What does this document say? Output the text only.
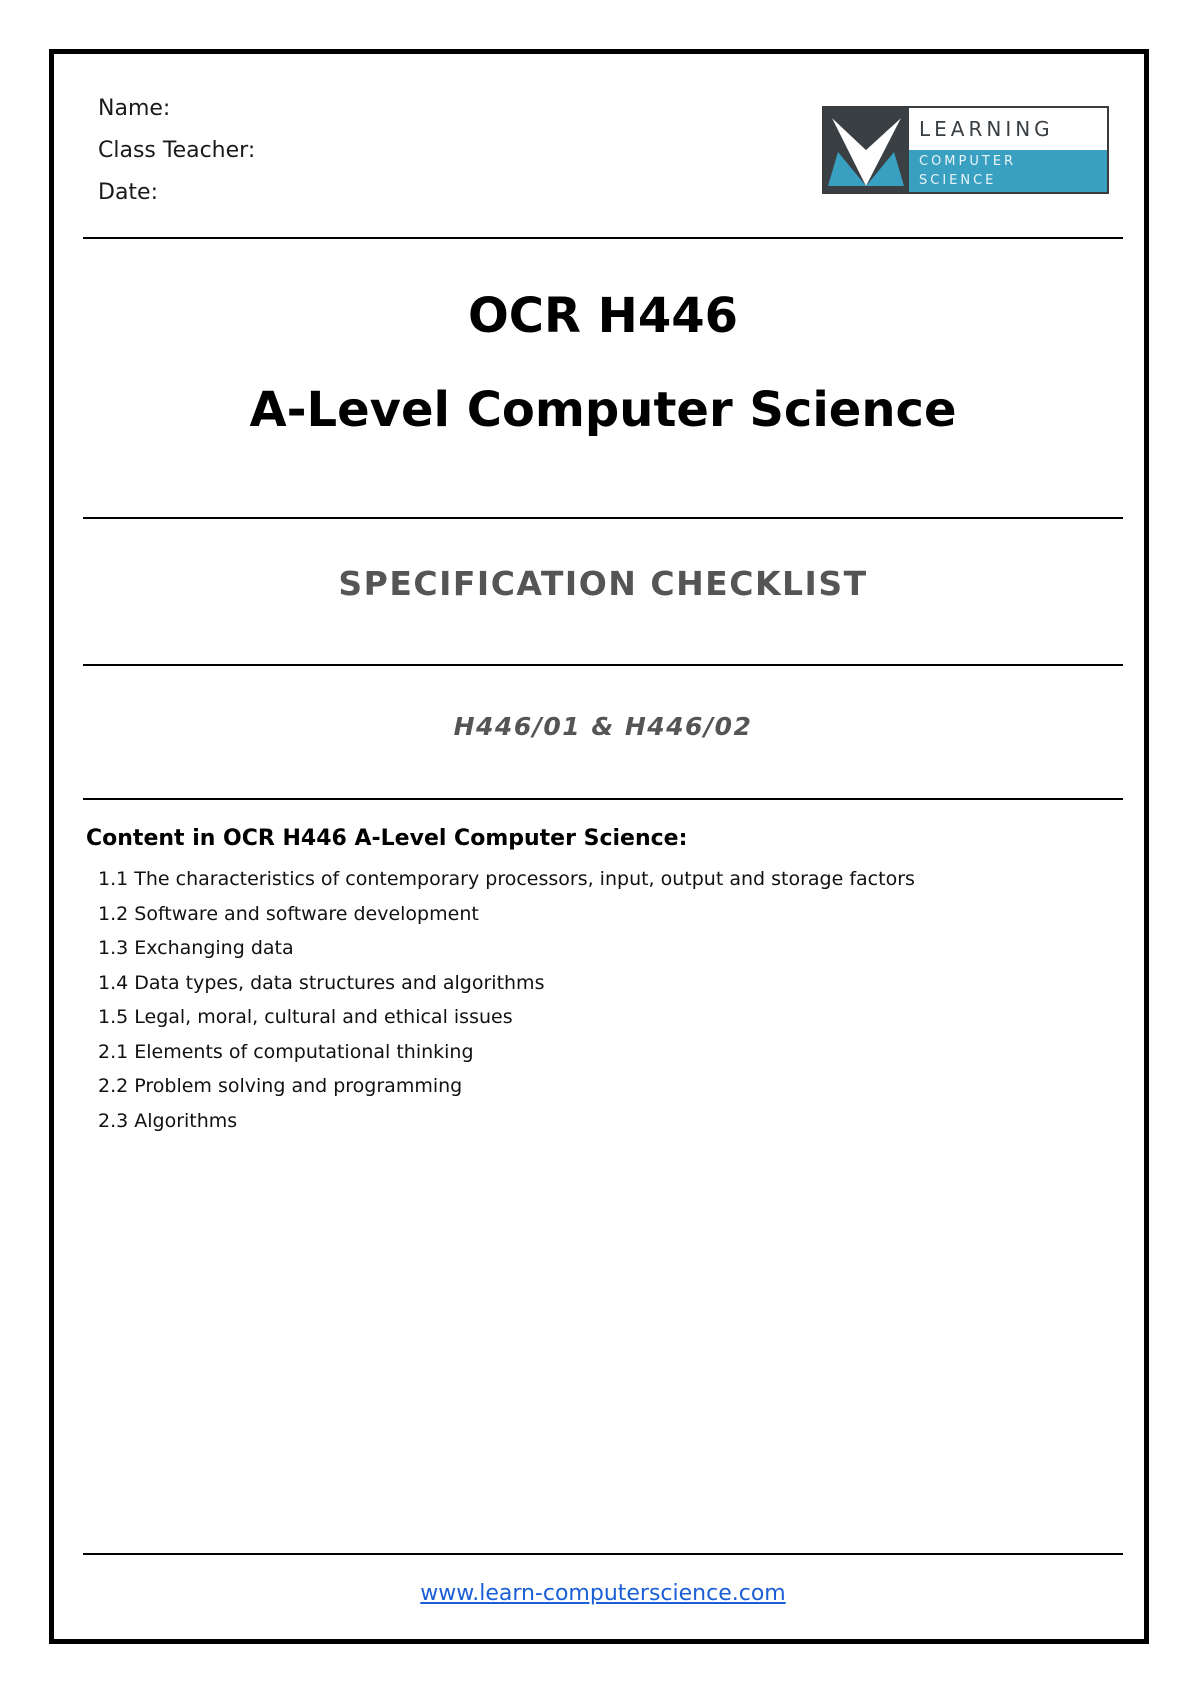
Name:
Class Teacher:
Date:
LEARNING
COMPUTER
SCIENCE
OCR H446
A-Level Computer Science
SPECIFICATION CHECKLIST
H446/01 & H446/02
Content in OCR H446 A-Level Computer Science:
1.1 The characteristics of contemporary processors, input, output and storage factors
1.2 Software and software development
1.3 Exchanging data
1.4 Data types, data structures and algorithms
1.5 Legal, moral, cultural and ethical issues
2.1 Elements of computational thinking
2.2 Problem solving and programming
2.3 Algorithms
www.learn-computerscience.com
